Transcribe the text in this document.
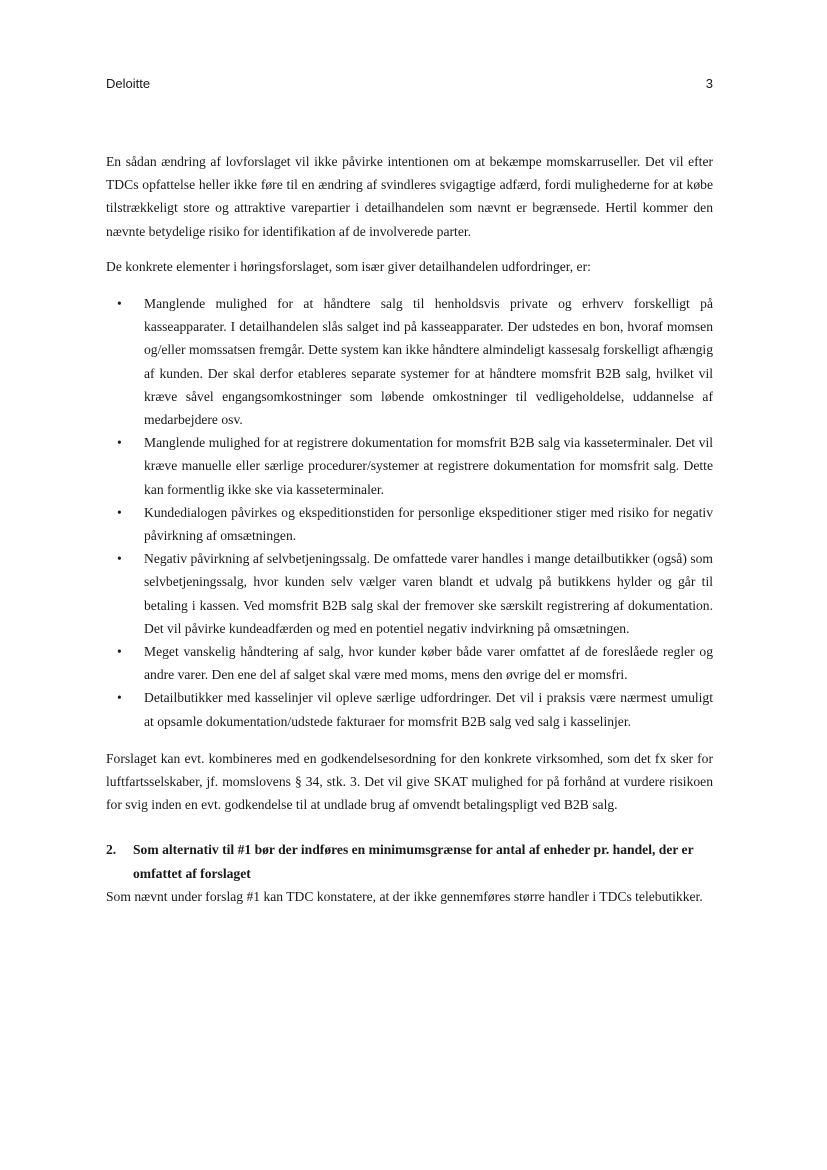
Deloitte	3

En sådan ændring af lovforslaget vil ikke påvirke intentionen om at bekæmpe momskarruseller. Det vil efter TDCs opfattelse heller ikke føre til en ændring af svindleres svigagtige adfærd, fordi mulighederne for at købe tilstrækkeligt store og attraktive varepartier i detailhandelen som nævnt er begrænsede. Hertil kommer den nævnte betydelige risiko for identifikation af de involverede parter.

De konkrete elementer i høringsforslaget, som især giver detailhandelen udfordringer, er:

• Manglende mulighed for at håndtere salg til henholdsvis private og erhverv forskelligt på kasseapparater. I detailhandelen slås salget ind på kasseapparater. Der udstedes en bon, hvoraf momsen og/eller momssatsen fremgår. Dette system kan ikke håndtere almindeligt kassesalg forskelligt afhængig af kunden. Der skal derfor etableres separate systemer for at håndtere momsfrit B2B salg, hvilket vil kræve såvel engangsomkostninger som løbende omkostninger til vedligeholdelse, uddannelse af medarbejdere osv.
• Manglende mulighed for at registrere dokumentation for momsfrit B2B salg via kasseterminaler. Det vil kræve manuelle eller særlige procedurer/systemer at registrere dokumentation for momsfrit salg. Dette kan formentlig ikke ske via kasseterminaler.
• Kundedialogen påvirkes og ekspeditionstiden for personlige ekspeditioner stiger med risiko for negativ påvirkning af omsætningen.
• Negativ påvirkning af selvbetjeningssalg. De omfattede varer handles i mange detailbutikker (også) som selvbetjeningssalg, hvor kunden selv vælger varen blandt et udvalg på butikkens hylder og går til betaling i kassen. Ved momsfrit B2B salg skal der fremover ske særskilt registrering af dokumentation. Det vil påvirke kundeadfærden og med en potentiel negativ indvirkning på omsætningen.
• Meget vanskelig håndtering af salg, hvor kunder køber både varer omfattet af de foreslåede regler og andre varer. Den ene del af salget skal være med moms, mens den øvrige del er momsfri.
• Detailbutikker med kasselinjer vil opleve særlige udfordringer. Det vil i praksis være nærmest umuligt at opsamle dokumentation/udstede fakturaer for momsfrit B2B salg ved salg i kasselinjer.

Forslaget kan evt. kombineres med en godkendelsesordning for den konkrete virksomhed, som det fx sker for luftfartsselskaber, jf. momslovens § 34, stk. 3. Det vil give SKAT mulighed for på forhånd at vurdere risikoen for svig inden en evt. godkendelse til at undlade brug af omvendt betalingspligt ved B2B salg.

2.	Som alternativ til #1 bør der indføres en minimumsgrænse for antal af enheder pr. handel, der er omfattet af forslaget

Som nævnt under forslag #1 kan TDC konstatere, at der ikke gennemføres større handler i TDCs telebutikker.
